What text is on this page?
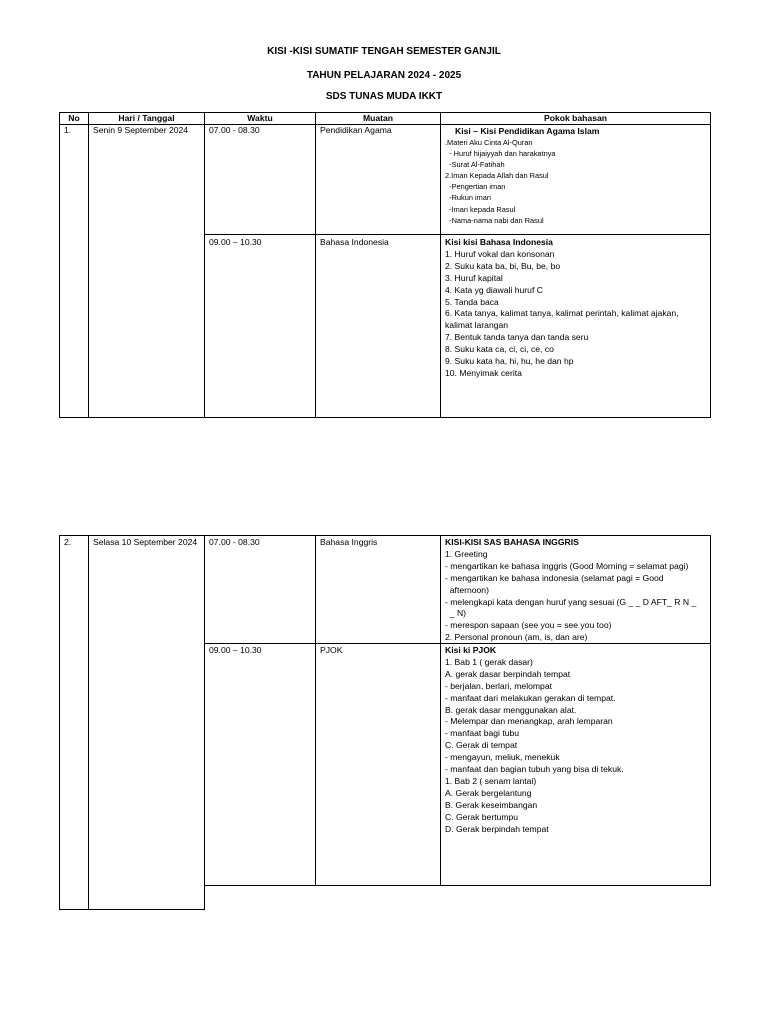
KISI -KISI SUMATIF TENGAH SEMESTER GANJIL
TAHUN PELAJARAN 2024 - 2025
SDS TUNAS MUDA IKKT
No	Hari / Tanggal	Waktu	Muatan	Pokok bahasan
1.	Senin 9 September 2024	07.00 - 08.30	Pendidikan Agama	Kisi – Kisi Pendidikan Agama Islam
.Materi Aku Cinta Al-Quran
- Huruf hijaiyyah dan harakatnya
-Surat Al-Fatihah
2.Iman Kepada Allah dan Rasul
-Pengertian iman
-Rukun iman
-Iman kepada Rasul
-Nama-nama nabi dan Rasul
09.00 – 10.30	Bahasa Indonesia	Kisi kisi Bahasa Indonesia
1. Huruf vokal dan konsonan
2. Suku kata ba, bi, Bu, be, bo
3. Huruf kapital
4. Kata yg diawali huruf C
5. Tanda baca
6. Kata tanya, kalimat tanya, kalimat perintah, kalimat ajakan,
kalimat larangan
7. Bentuk tanda tanya dan tanda seru
8. Suku kata ca, ci, ci, ce, co
9. Suku kata ha, hi, hu, he dan hp
10. Menyimak cerita
2.	Selasa 10 September 2024	07.00 - 08.30	Bahasa Inggris	KISI-KISI SAS BAHASA INGGRIS
1. Greeting
- mengartikan ke bahasa inggris (Good Morning = selamat pagi)
- mengartikan ke bahasa indonesia (selamat pagi = Good
afternoon)
- melengkapi kata dengan huruf yang sesuai (G _ _ D AFT_ R N _
_ N)
- merespon sapaan (see you = see you too)
2. Personal pronoun (am, is, dan are)
09.00 – 10.30	PJOK	Kisi ki PJOK
1. Bab 1 ( gerak dasar)
A. gerak dasar berpindah tempat
- berjalan, berlari, melompat
- manfaat dari melakukan gerakan di tempat.
B. gerak dasar menggunakan alat.
- Melempar dan menangkap, arah lemparan
- manfaat bagi tubu
C. Gerak di tempat
- mengayun, meliuk, menekuk
- manfaat dan bagian tubuh yang bisa di tekuk.
1. Bab 2 ( senam lantai)
A. Gerak bergelantung
B. Gerak keseimbangan
C. Gerak bertumpu
D. Gerak berpindah tempat
